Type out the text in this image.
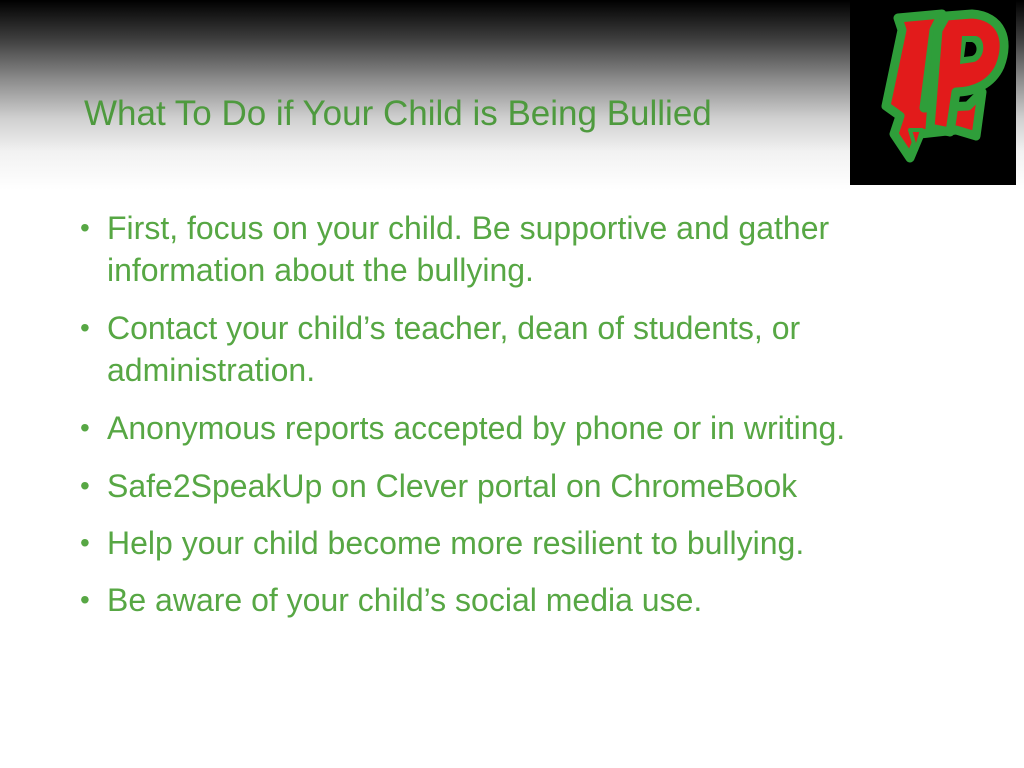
What To Do if Your Child is Being Bullied
• First, focus on your child. Be supportive and gather information about the bullying.
• Contact your child’s teacher, dean of students, or administration.
• Anonymous reports accepted by phone or in writing.
• Safe2SpeakUp on Clever portal on ChromeBook
• Help your child become more resilient to bullying.
• Be aware of your child’s social media use.
